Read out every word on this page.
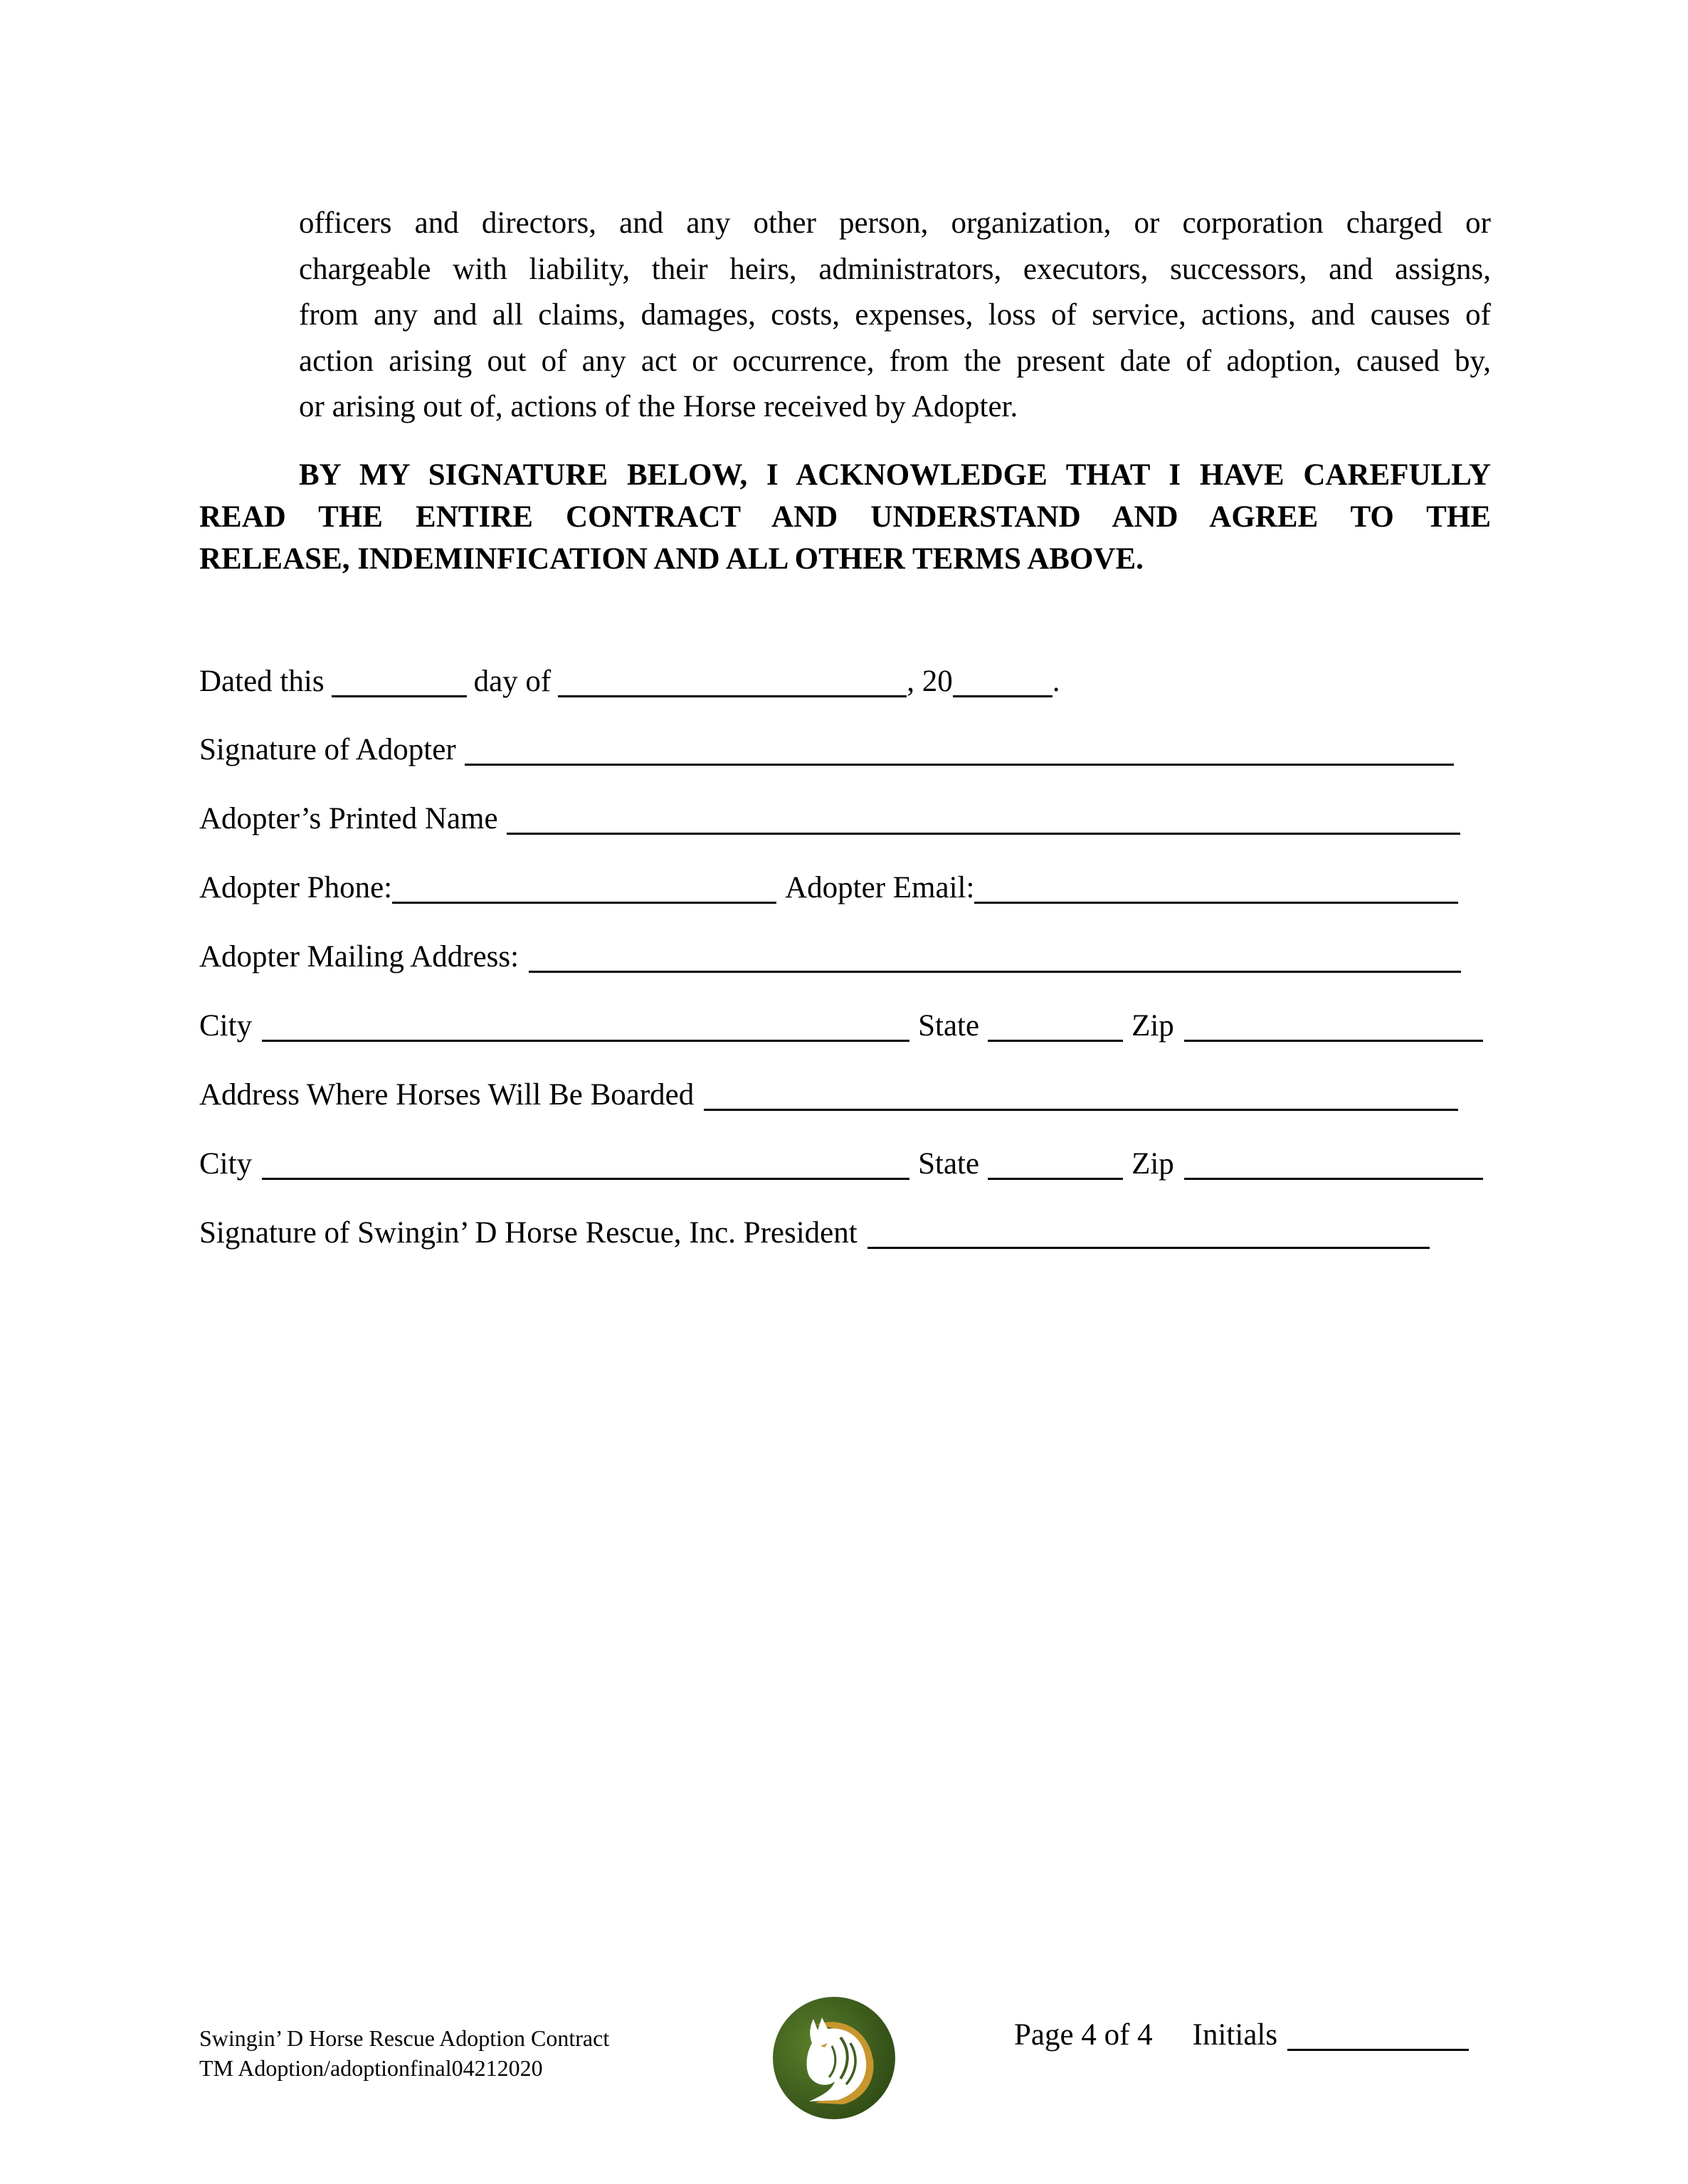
officers and directors, and any other person, organization, or corporation charged or
chargeable with liability, their heirs, administrators, executors, successors, and assigns,
from any and all claims, damages, costs, expenses, loss of service, actions, and causes of
action arising out of any act or occurrence, from the present date of adoption, caused by,
or arising out of, actions of the Horse received by Adopter.
BY MY SIGNATURE BELOW, I ACKNOWLEDGE THAT I HAVE CAREFULLY
READ THE ENTIRE CONTRACT AND UNDERSTAND AND AGREE TO THE
RELEASE, INDEMINFICATION AND ALL OTHER TERMS ABOVE.
Dated this	day of	, 20	.
Signature of Adopter
Adopter’s Printed Name
Adopter Phone:	Adopter Email:
Adopter Mailing Address:
City	State	Zip
Address Where Horses Will Be Boarded
City	State	Zip
Signature of Swingin’ D Horse Rescue, Inc. President
Swingin’ D Horse Rescue Adoption Contract
TM Adoption/adoptionfinal04212020
Page 4 of 4 Initials
